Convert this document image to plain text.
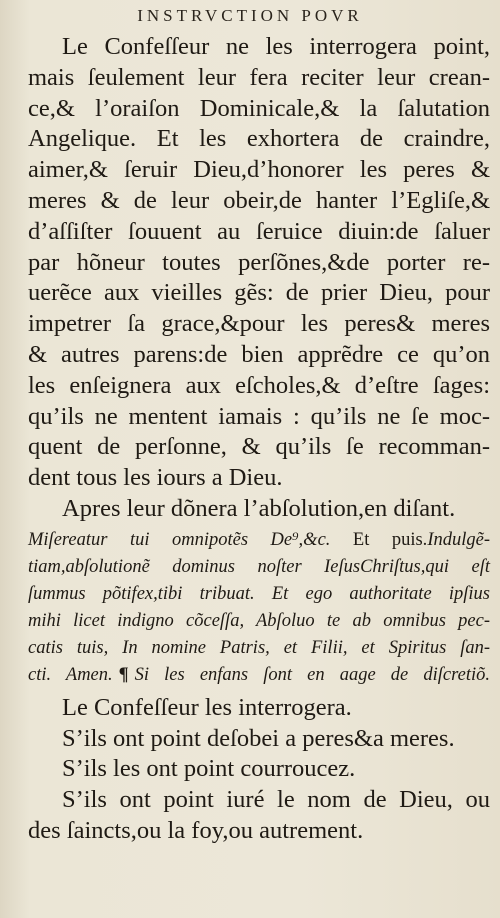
INSTRVCTION POVR
Le Confeſſeur ne les interrogera point,
mais ſeulement leur fera reciter leur crean-
ce,& l’oraiſon Dominicale,& la ſalutation
Angelique. Et les exhortera de craindre,
aimer,& ſeruir Dieu,d’honorer les peres &
meres & de leur obeir,de hanter l’Egliſe,&
d’aſſiſter ſouuent au ſeruice diuin:de ſaluer
par hõneur toutes perſõnes,&de porter re-
uerẽce aux vieilles gẽs: de prier Dieu, pour
impetrer ſa grace,&pour les peres& meres
& autres parens:de bien apprẽdre ce qu’on
les enſeignera aux eſcholes,& d’eſtre ſages:
qu’ils ne mentent iamais : qu’ils ne ſe moc-
quent de perſonne, & qu’ils ſe recomman-
dent tous les iours a Dieu.
Apres leur dõnera l’abſolution,en diſant.
Miſereatur tui omnipotẽs De⁹,&c. Et puis.Indulgẽ-
tiam,abſolutionẽ dominus noſter IeſusChriſtus,qui eſt
ſummus põtifex,tibi tribuat. Et ego authoritate ipſius
mihi licet indigno cõceſſa, Abſoluo te ab omnibus pec-
catis tuis, In nomine Patris, et Filii, et Spiritus ſan-
cti. Amen. ¶ Si les enfans ſont en aage de diſcretiõ.
Le Confeſſeur les interrogera.
S’ils ont point deſobei a peres&a meres.
S’ils les ont point courroucez.
S’ils ont point iuré le nom de Dieu, ou
des ſaincts,ou la foy,ou autrement.
